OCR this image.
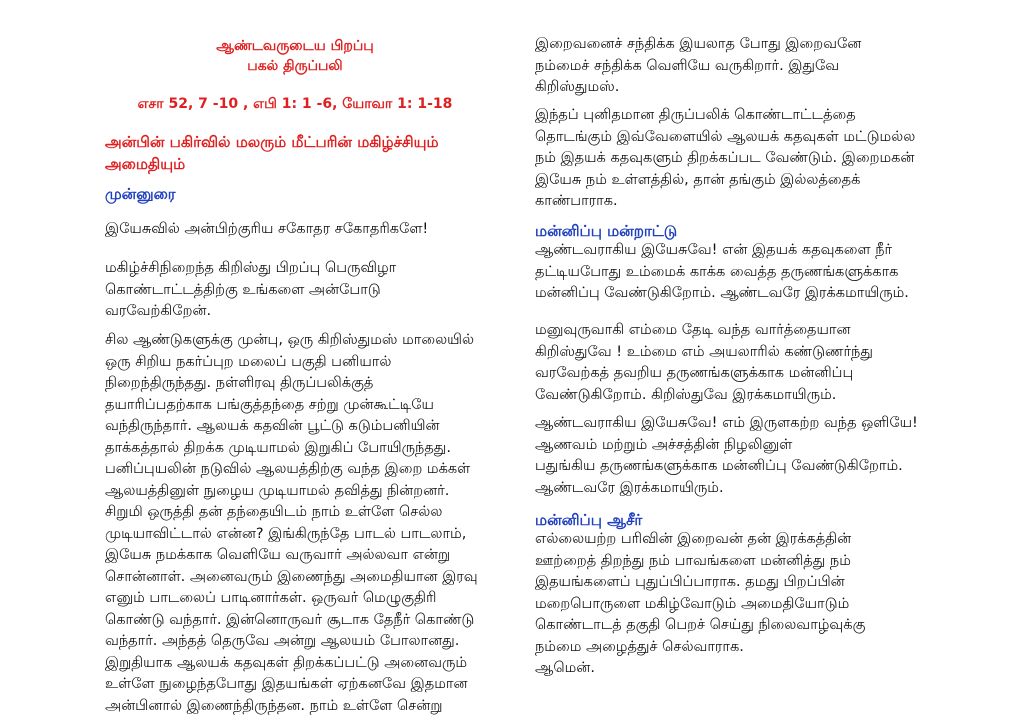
ஆண்டவருடைய பிறப்பு
பகல் திருப்பலி
எசா 52, 7 -10 , எபி 1: 1 -6, யோவா 1: 1-18
அன்பின் பகிர்வில் மலரும் மீட்பரின் மகிழ்ச்சியும்
அமைதியும்
முன்னுரை

இயேசுவில் அன்பிற்குரிய சகோதர சகோதரிகளே!

மகிழ்ச்சிநிறைந்த கிறிஸ்து பிறப்பு பெருவிழா
கொண்டாட்டத்திற்கு உங்களை அன்போடு
வரவேற்கிறேன்.

சில ஆண்டுகளுக்கு முன்பு, ஒரு கிறிஸ்துமஸ் மாலையில்
ஒரு சிறிய நகர்ப்புற மலைப் பகுதி பனியால்
நிறைந்திருந்தது. நள்ளிரவு திருப்பலிக்குத்
தயாரிப்பதற்காக பங்குத்தந்தை சற்று முன்கூட்டியே
வந்திருந்தார். ஆலயக் கதவின் பூட்டு கடும்பனியின்
தாக்கத்தால் திறக்க முடியாமல் இறுகிப் போயிருந்தது.
பனிப்புயலின் நடுவில் ஆலயத்திற்கு வந்த இறை மக்கள்
ஆலயத்தினுள் நுழைய முடியாமல் தவித்து நின்றனர்.
சிறுமி ஒருத்தி தன் தந்தையிடம் நாம் உள்ளே செல்ல
முடியாவிட்டால் என்ன? இங்கிருந்தே பாடல் பாடலாம்,
இயேசு நமக்காக வெளியே வருவார் அல்லவா என்று
சொன்னாள். அனைவரும் இணைந்து அமைதியான இரவு
எனும் பாடலைப் பாடினார்கள். ஒருவர் மெழுகுதிரி
கொண்டு வந்தார். இன்னொருவர் சூடாக தேநீர் கொண்டு
வந்தார். அந்தத் தெருவே அன்று ஆலயம் போலானது.
இறுதியாக ஆலயக் கதவுகள் திறக்கப்பட்டு அனைவரும்
உள்ளே நுழைந்தபோது இதயங்கள் ஏற்கனவே இதமான
அன்பினால் இணைந்திருந்தன. நாம் உள்ளே சென்று

இறைவனைச் சந்திக்க இயலாத போது இறைவனே
நம்மைச் சந்திக்க வெளியே வருகிறார். இதுவே
கிறிஸ்துமஸ்.

இந்தப் புனிதமான திருப்பலிக் கொண்டாட்டத்தை
தொடங்கும் இவ்வேளையில் ஆலயக் கதவுகள் மட்டுமல்ல
நம் இதயக் கதவுகளும் திறக்கப்பட வேண்டும். இறைமகன்
இயேசு நம் உள்ளத்தில், தான் தங்கும் இல்லத்தைக்
காண்பாராக.

மன்னிப்பு மன்றாட்டு

ஆண்டவராகிய இயேசுவே! என் இதயக் கதவுகளை நீர்
தட்டியபோது உம்மைக் காக்க வைத்த தருணங்களுக்காக
மன்னிப்பு வேண்டுகிறோம். ஆண்டவரே இரக்கமாயிரும்.

மனுவுருவாகி எம்மை தேடி வந்த வார்த்தையான
கிறிஸ்துவே ! உம்மை எம் அயலாரில் கண்டுணர்ந்து
வரவேற்கத் தவறிய தருணங்களுக்காக மன்னிப்பு
வேண்டுகிறோம். கிறிஸ்துவே இரக்கமாயிரும்.

ஆண்டவராகிய இயேசுவே! எம் இருளகற்ற வந்த ஒளியே!
ஆணவம் மற்றும் அச்சத்தின் நிழலினுள்
பதுங்கிய தருணங்களுக்காக மன்னிப்பு வேண்டுகிறோம்.
ஆண்டவரே இரக்கமாயிரும்.

மன்னிப்பு ஆசீர்

எல்லையற்ற பரிவின் இறைவன் தன் இரக்கத்தின்
ஊற்றைத் திறந்து நம் பாவங்களை மன்னித்து நம்
இதயங்களைப் புதுப்பிப்பாராக. தமது பிறப்பின்
மறைபொருளை மகிழ்வோடும் அமைதியோடும்
கொண்டாடத் தகுதி பெறச் செய்து நிலைவாழ்வுக்கு
நம்மை அழைத்துச் செல்வாராக.
ஆமென்.
